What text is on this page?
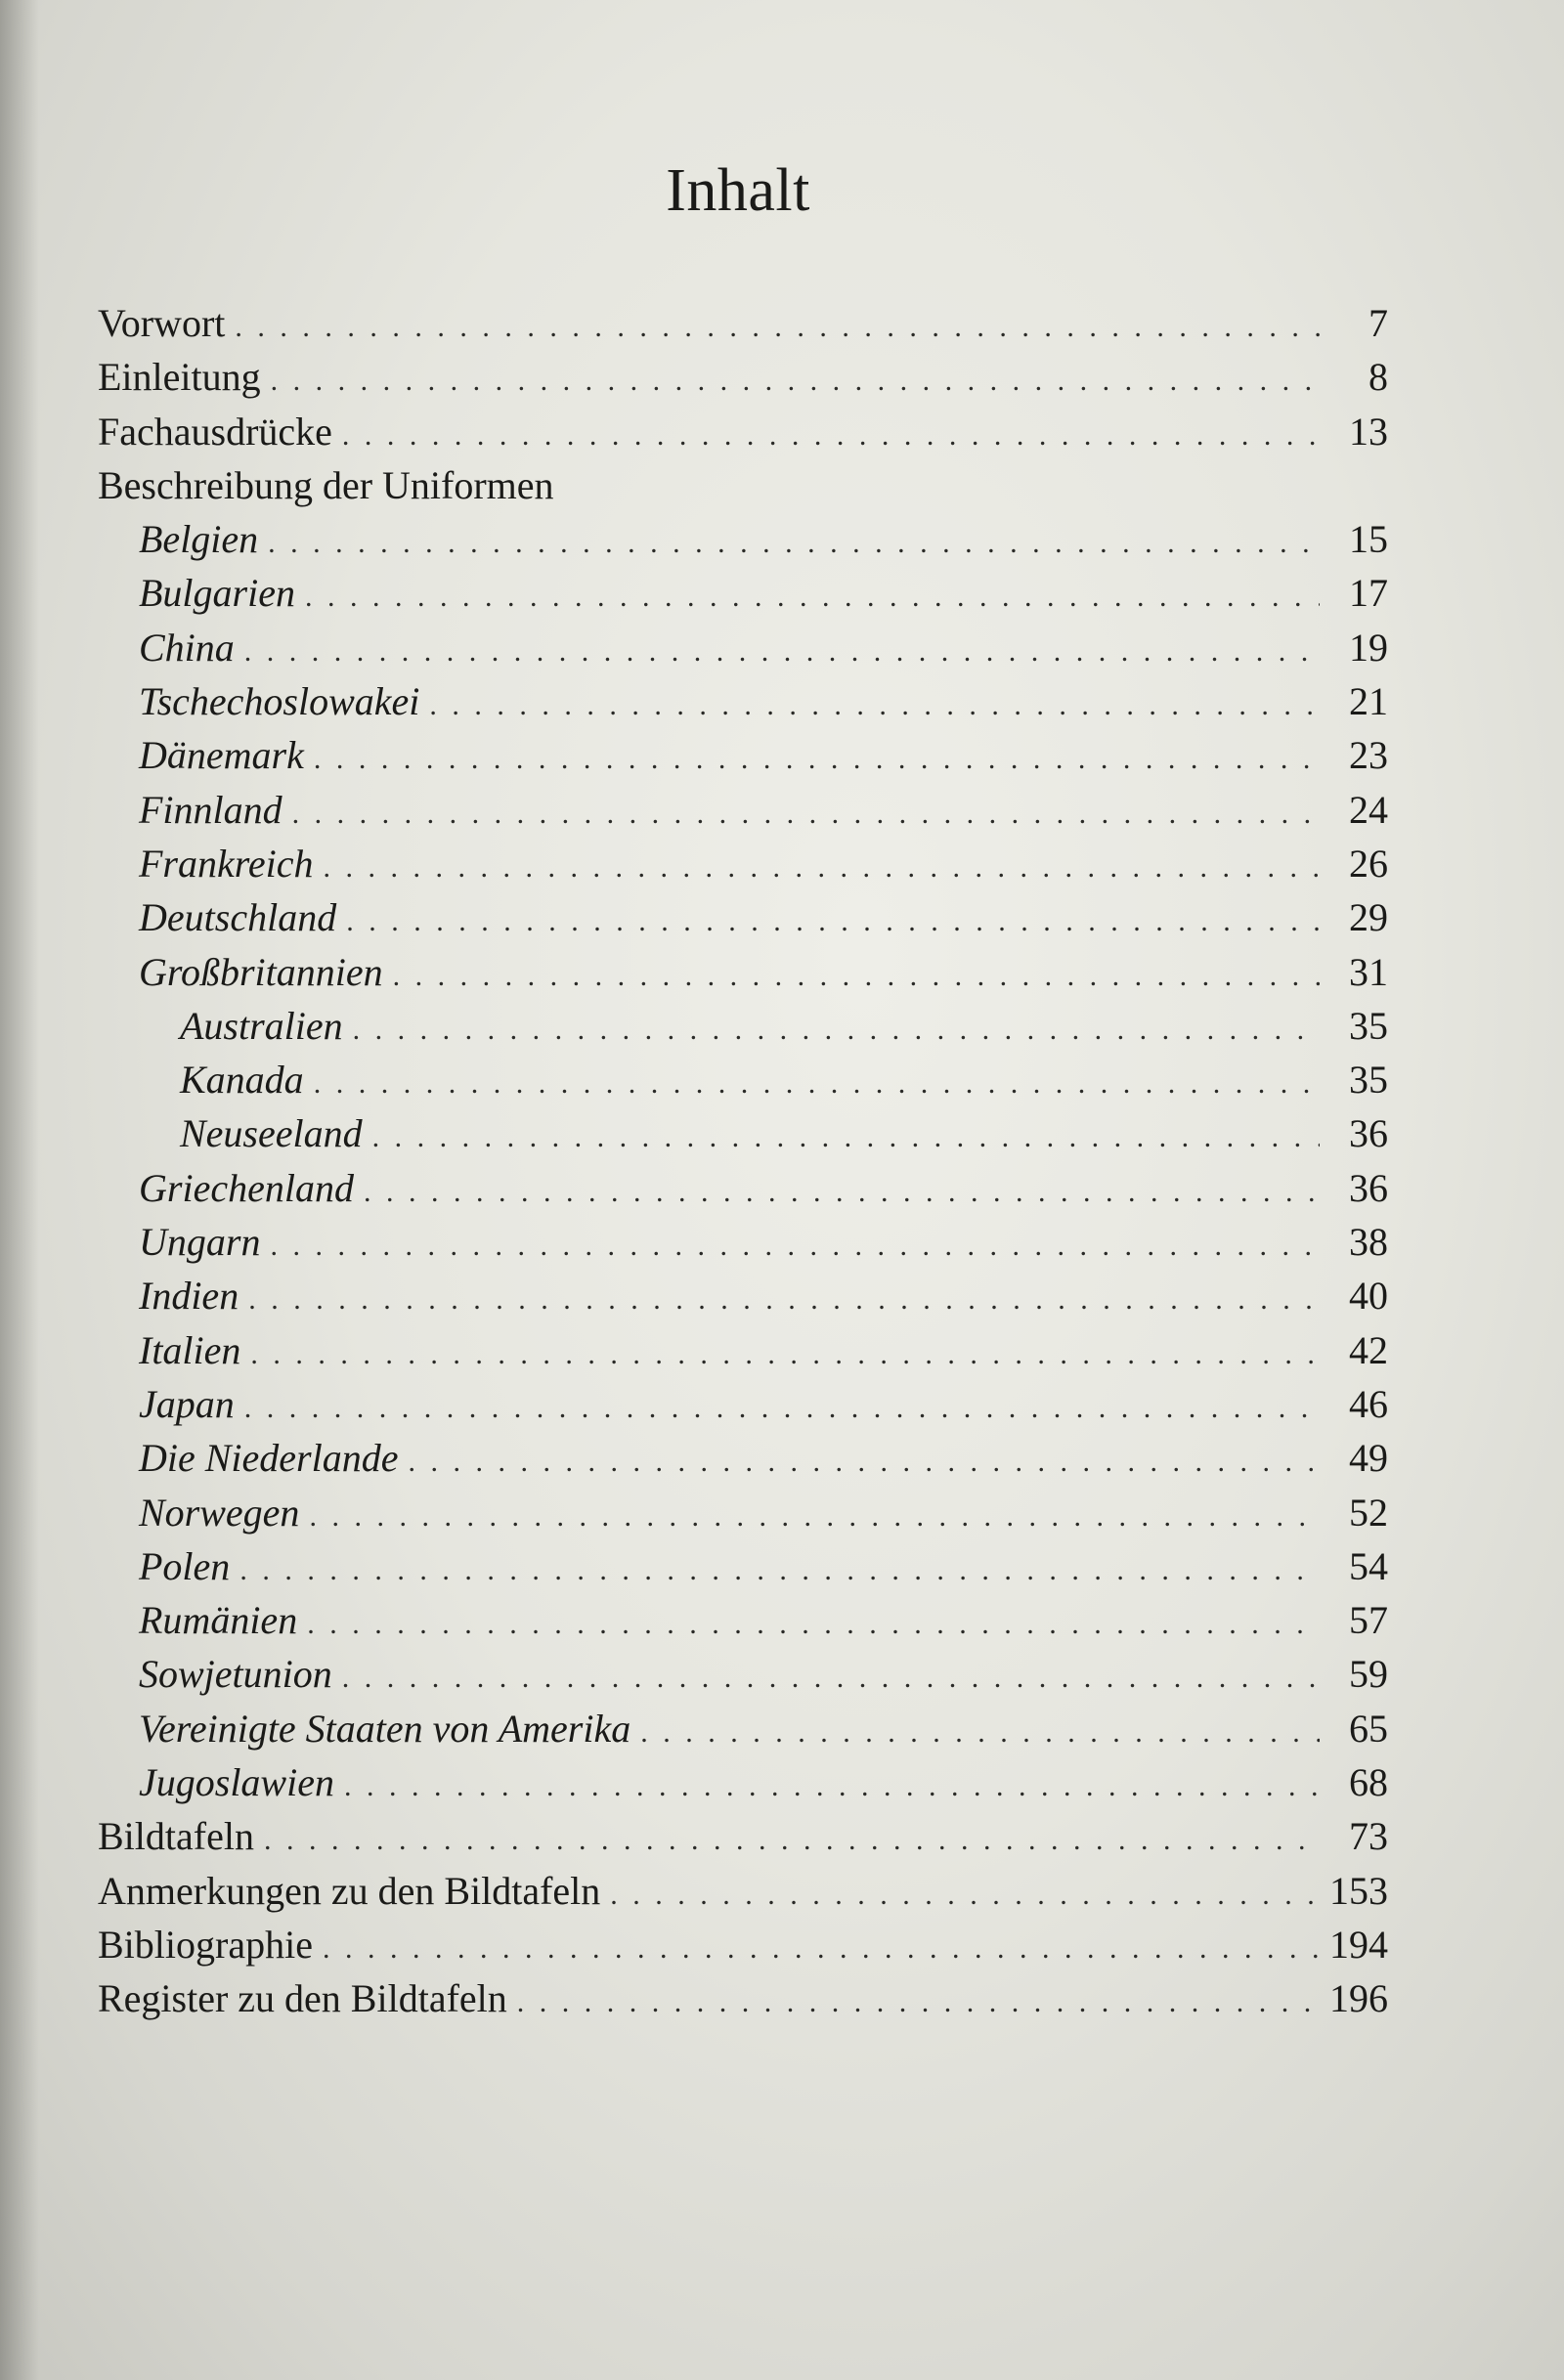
Inhalt
Vorwort . . .	7
Einleitung . . .	8
Fachausdrücke . . .	13
Beschreibung der Uniformen
Belgien . . .	15
Bulgarien . . .	17
China . . .	19
Tschechoslowakei . . .	21
Dänemark . . .	23
Finnland . . .	24
Frankreich . . .	26
Deutschland . . .	29
Großbritannien . . .	31
Australien . . .	35
Kanada . . .	35
Neuseeland . . .	36
Griechenland . . .	36
Ungarn . . .	38
Indien . . .	40
Italien . . .	42
Japan . . .	46
Die Niederlande . . .	49
Norwegen . . .	52
Polen . . .	54
Rumänien . . .	57
Sowjetunion . . .	59
Vereinigte Staaten von Amerika . . .	65
Jugoslawien . . .	68
Bildtafeln . . .	73
Anmerkungen zu den Bildtafeln . . .	153
Bibliographie . . .	194
Register zu den Bildtafeln . . .	196
